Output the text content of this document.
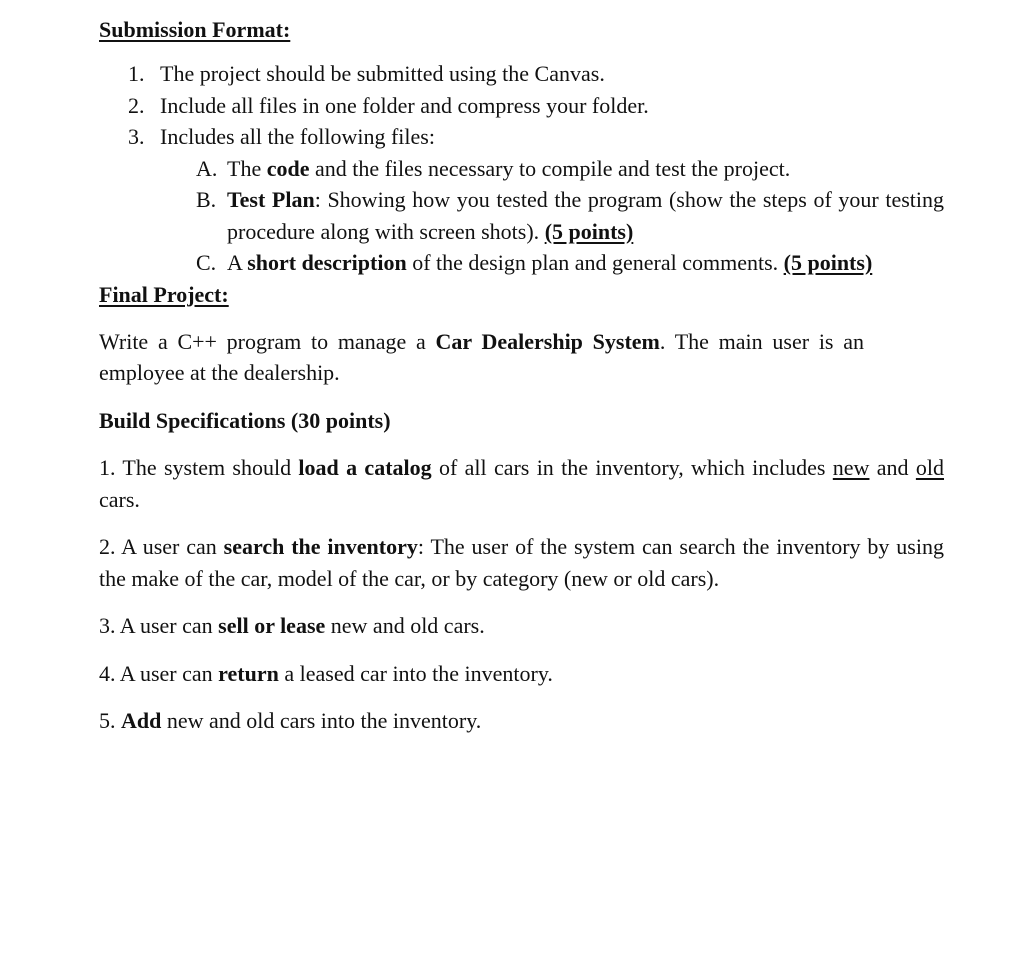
Submission Format:
1. The project should be submitted using the Canvas.
2. Include all files in one folder and compress your folder.
3. Includes all the following files:
A. The code and the files necessary to compile and test the project.
B. Test Plan: Showing how you tested the program (show the steps of your testing procedure along with screen shots). (5 points)
C. A short description of the design plan and general comments. (5 points)
Final Project:
Write a C++ program to manage a Car Dealership System. The main user is an employee at the dealership.
Build Specifications (30 points)
1. The system should load a catalog of all cars in the inventory, which includes new and old cars.
2. A user can search the inventory: The user of the system can search the inventory by using the make of the car, model of the car, or by category (new or old cars).
3. A user can sell or lease new and old cars.
4. A user can return a leased car into the inventory.
5. Add new and old cars into the inventory.
